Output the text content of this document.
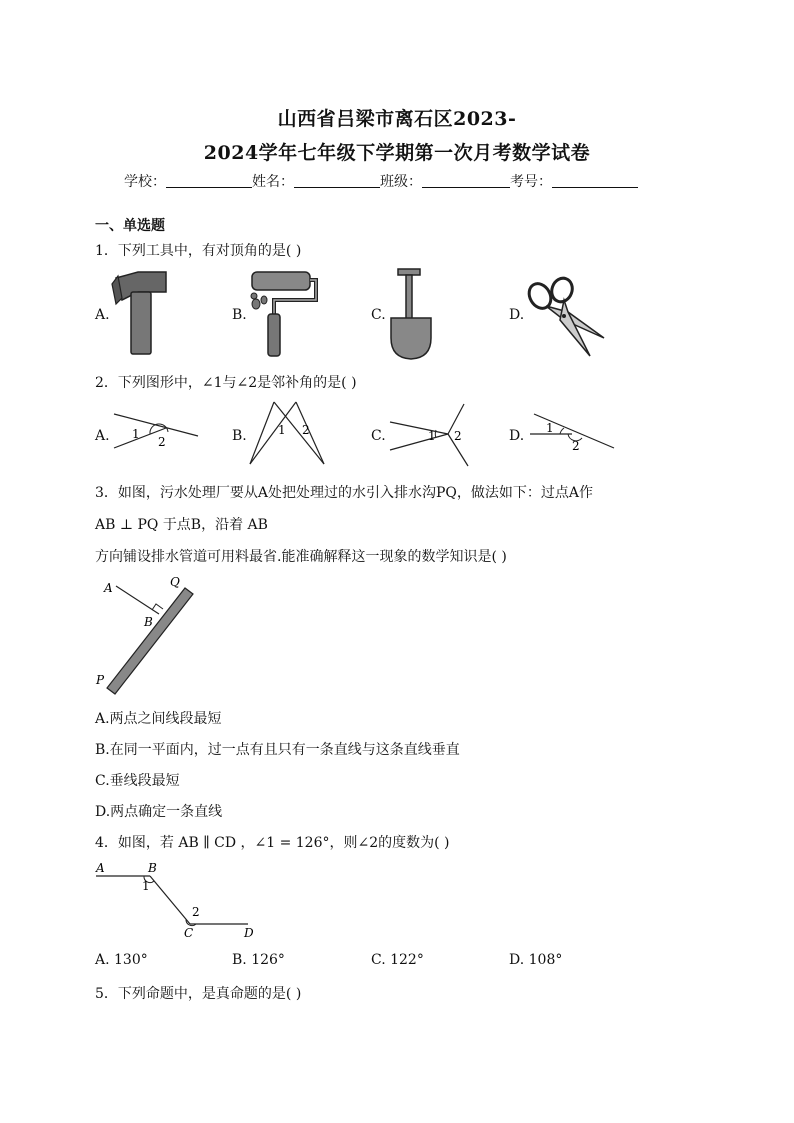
山西省吕梁市离石区2023-
2024学年七年级下学期第一次月考数学试卷
学校：	姓名：	班级：	考号：
一、单选题
1．下列工具中，有对顶角的是( )
A.	B.	C.	D.
2．下列图形中，∠1与∠2是邻补角的是( )
A. 1
2	B.	1 2	C.	1 2	D. 1
2
3．如图，污水处理厂要从A处把处理过的水引入排水沟PQ，做法如下：过点A作
AB ⊥ PQ 于点B，沿着 AB
方向铺设排水管道可用料最省.能准确解释这一现象的数学知识是( )
A	Q
B
P
A.两点之间线段最短
B.在同一平面内，过一点有且只有一条直线与这条直线垂直
C.垂线段最短
D.两点确定一条直线
4．如图，若 AB ∥ CD ，∠1 = 126°，则∠2的度数为( )
A	B
1
2
C	D
A. 130°	B. 126°	C. 122°	D. 108°
5．下列命题中，是真命题的是( )
